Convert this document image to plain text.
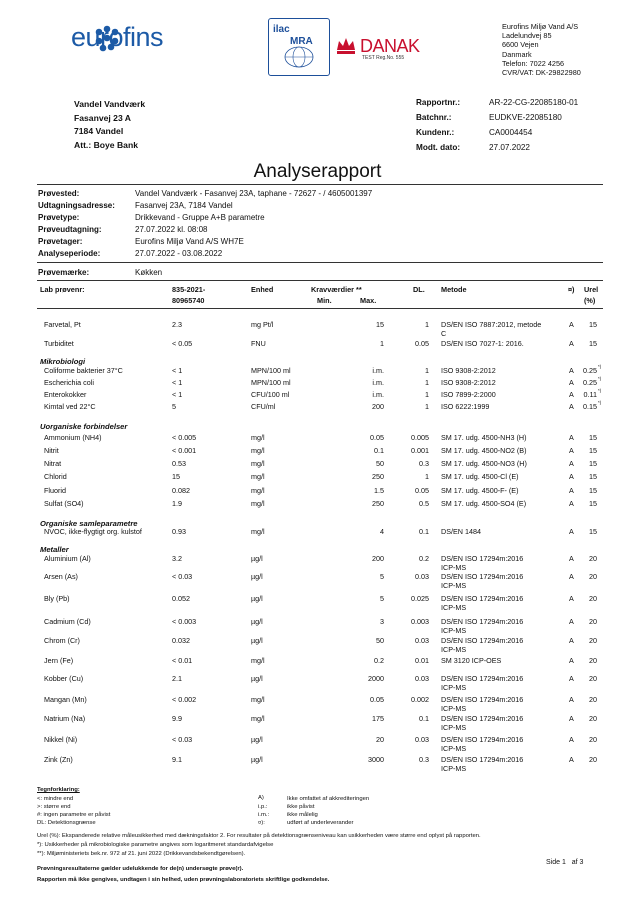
eurofins	ilac
MRA	DANAK
TEST Reg.No. 555
Eurofins Miljø Vand A/S
Ladelundvej 85
6600 Vejen
Danmark
Telefon: 7022 4256
CVR/VAT: DK-29822980
Vandel Vandværk
Fasanvej 23 A
7184 Vandel
Att.: Boye Bank
Rapportnr.:	AR-22-CG-22085180-01
Batchnr.:	EUDKVE-22085180
Kundenr.:	CA0004454
Modt. dato:	27.07.2022
Analyserapport
Prøvested:	Vandel Vandværk - Fasanvej 23A, taphane - 72627 - / 4605001397
Udtagningsadresse:	Fasanvej 23A, 7184 Vandel
Prøvetype:	Drikkevand - Gruppe A+B parametre
Prøveudtagning:	27.07.2022 kl. 08:08
Prøvetager:	Eurofins Miljø Vand A/S WH7E
Analyseperiode:	27.07.2022 - 03.08.2022
Prøvemærke:	Køkken
Lab prøvenr:	835-2021-
80965740
Enhed	Kravværdier **
Min.	Max.
DL. Metode	¤) Urel
(%)
Farvetal, Pt	2.3	mg Pt/l	15	1 DS/EN ISO 7887:2012, metode	A 15
C
Turbiditet	< 0.05	FNU	1	0.05 DS/EN ISO 7027-1: 2016.	A 15
Mikrobiologi
Coliforme bakterier 37°C	< 1	MPN/100 ml	i.m.	1 ISO 9308-2:2012	A 0.25 *)
Escherichia coli	< 1	MPN/100 ml	i.m.	1 ISO 9308-2:2012	A 0.25 *)
Enterokokker	< 1	CFU/100 ml	i.m.	1 ISO 7899-2:2000	A 0.11 *)
Kimtal ved 22°C	5	CFU/ml	200	1 ISO 6222:1999	A 0.15 *)
Uorganiske forbindelser
Ammonium (NH4)	< 0.005	mg/l	0.05	0.005 SM 17. udg. 4500-NH3 (H)	A 15
Nitrit	< 0.001	mg/l	0.1	0.001 SM 17. udg. 4500-NO2 (B)	A 15
Nitrat	0.53	mg/l	50	0.3 SM 17. udg. 4500-NO3 (H)	A 15
Chlorid	15	mg/l	250	1 SM 17. udg. 4500-Cl (E)	A 15
Fluorid	0.082	mg/l	1.5	0.05 SM 17. udg. 4500-F- (E)	A 15
Sulfat (SO4)	1.9	mg/l	250	0.5 SM 17. udg. 4500-SO4 (E)	A 15
Organiske samleparametre
NVOC, ikke-flygtigt org. kulstof	0.93	mg/l	4	0.1 DS/EN 1484	A 15
Metaller
Aluminium (Al)	3.2	µg/l	200	0.2 DS/EN ISO 17294m:2016	A 20
ICP-MS
Arsen (As)	< 0.03	µg/l	5	0.03 DS/EN ISO 17294m:2016	A 20
ICP-MS
Bly (Pb)	0.052	µg/l	5	0.025 DS/EN ISO 17294m:2016	A 20
ICP-MS
Cadmium (Cd)	< 0.003	µg/l	3	0.003 DS/EN ISO 17294m:2016	A 20
ICP-MS
Chrom (Cr)	0.032	µg/l	50	0.03 DS/EN ISO 17294m:2016	A 20
ICP-MS
Jern (Fe)	< 0.01	mg/l	0.2	0.01 SM 3120 ICP-OES	A 20
Kobber (Cu)	2.1	µg/l	2000	0.03 DS/EN ISO 17294m:2016	A 20
ICP-MS
Mangan (Mn)	< 0.002	mg/l	0.05	0.002 DS/EN ISO 17294m:2016	A 20
ICP-MS
Natrium (Na)	9.9	mg/l	175	0.1 DS/EN ISO 17294m:2016	A 20
ICP-MS
Nikkel (Ni)	< 0.03	µg/l	20	0.03 DS/EN ISO 17294m:2016	A 20
ICP-MS
Zink (Zn)	9.1	µg/l	3000	0.3 DS/EN ISO 17294m:2016	A 20
ICP-MS
Tegnforklaring:
<: mindre end
>: større end
#: ingen parametre er påvist
DL: Detektionsgrænse
A)	Ikke omfattet af akkrediteringen
i.p.:	ikke påvist
i.m.:	ikke målelig
¤):	udført af underleverander
Urel (%): Ekspanderede relative måleusikkerhed med dækningsfaktor 2. For resultater på detektionsgrænseniveau kan usikkerheden være større end oplyst på rapporten.
*): Usikkerheder på mikrobiologiske parametre angives som logaritmeret standardafvigelse
**): Miljøministeriets bek.nr. 972 af 21. juni 2022 (Drikkevandsbekendtgørelsen).
Prøvningsresultaterne gælder udelukkende for de(n) undersøgte prøve(r).
Rapporten må ikke gengives, undtagen i sin helhed, uden prøvningslaboratoriets skriftlige godkendelse.
Side 1 af 3
